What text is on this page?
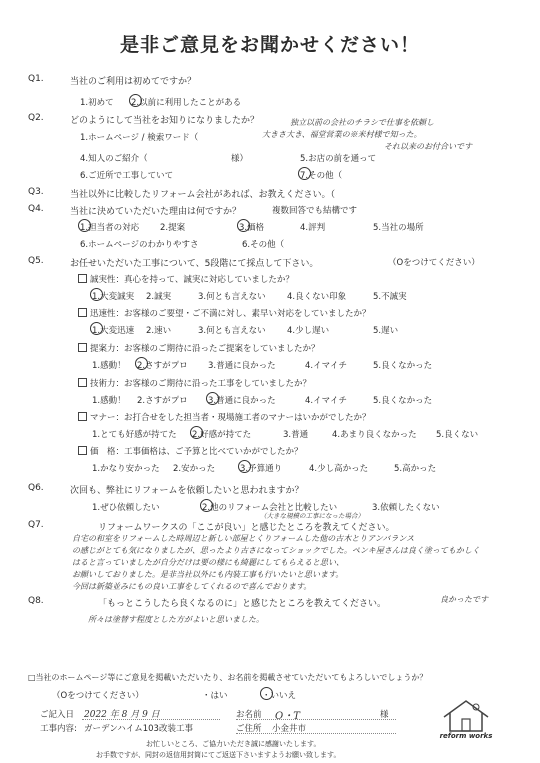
是非ご意見をお聞かせください！
Q1.	当社のご利用は初めてですか？
1.初めて 2.以前に利用したことがある
Q2.	どのようにして当社をお知りになりましたか？
1.ホームページ / 検索ワード（
4.知人のご紹介（	様）
6.ご近所で工事していて
5.お店の前を通って
7.その他（
独立以前の会社のチラシで仕事を依頼し
大きさ大き、福堂営業の※米村様で知った。
それ以来のお付合いです
Q3.	当社以外に比較したリフォーム会社があれば、お教えください。（
Q4.	当社に決めていただいた理由は何ですか？	複数回答でも結構です
1.担当者の対応 2.提案	3.価格	4.評判	5.当社の場所
6.ホームページのわかりやすさ	6.その他（
Q5.	お任せいただいた工事について、5段階にて採点して下さい。	（Oをつけてください）
誠実性：真心を持って、誠実に対応していましたか？
1.大変誠実 2.誠実	3.何とも言えない	4.良くない印象	5.不誠実
迅速性：お客様のご要望・ご不満に対し、素早い対応をしていましたか？
1.大変迅速 2.速い	3.何とも言えない	4.少し遅い	5.遅い
提案力：お客様のご期待に沿ったご提案をしていましたか？
1.感動！ 2.さすがプロ 3.普通に良かった	4.イマイチ	5.良くなかった
技術力：お客様のご期待に沿った工事をしていましたか？
1.感動！ 2.さすがプロ 3.普通に良かった	4.イマイチ	5.良くなかった
マナー：お打合せをした担当者・現場施工者のマナーはいかがでしたか？
1.とても好感が持てた 2.好感が持てた	3.普通	4.あまり良くなかった 5.良くない
価　格：工事価格は、ご予算と比べていかがでしたか？
1.かなり安かった 2.安かった	3.予算通り	4.少し高かった	5.高かった
Q6.	次回も、弊社にリフォームを依頼したいと思われますか？
1.ぜひ依頼したい	2.他のリフォーム会社と比較したい	3.依頼したくない
（大きな規模の工事になった場合）
Q7.	リフォームワークスの「ここが良い」と感じたところを教えてください。
自宅の和室をリフォームした時周辺と新しい部屋とくりフォームした他の古木とりアンバランス
の感じがとても気になりましたが、思ったより古さになってショックでした。ペンキ屋さんは良く塗ってもかしく
はると言っていましたが自分だけは要の様にも綺麗にしてもらえると思い、
お願いしておりました。是非当社以外にも内装工事も行いたいと思います。
今回は新築並みにもの良い工事をしてくれるので喜んでおります。
良かったです
Q8.	「もっとこうしたら良くなるのに」と感じたところを教えてください。
所々は塗替す程度とした方がよいと思いました。
□当社のホームページ等にご意見を掲載いただいたり、お名前を掲載させていただいてもよろしいでしょうか？
（Oをつけてください）	・はい	・いいえ
ご記入日 2022 年 8 月 9 日
工事内容: ガーデンハイム103改装工事
お名前 O・T	様
ご住所 小金井市
お忙しいところ、ご協力いただき誠に感謝いたします。
お手数ですが、同封の返信用封筒にてご返送下さいますようお願い致します。
reform works
